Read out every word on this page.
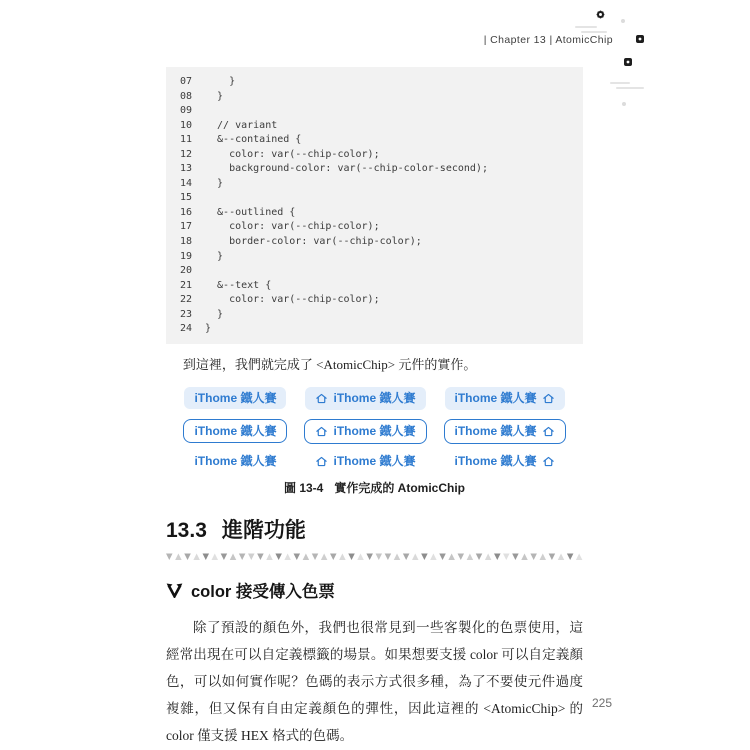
| Chapter 13 | AtomicChip
07    }
08  }
09
10  // variant
11  &--contained {
12    color: var(--chip-color);
13    background-color: var(--chip-color-second);
14  }
15
16  &--outlined {
17    color: var(--chip-color);
18    border-color: var(--chip-color);
19  }
20
21  &--text {
22    color: var(--chip-color);
23  }
24 }

到這裡，我們就完成了 <AtomicChip> 元件的實作。

iThome 鐵人賽	iThome 鐵人賽	iThome 鐵人賽
iThome 鐵人賽	iThome 鐵人賽	iThome 鐵人賽
iThome 鐵人賽	iThome 鐵人賽	iThome 鐵人賽
圖 13-4 實作完成的 AtomicChip
13.3 進階功能
▼ ▲ ▼ ▲ ▼ ▲ ▼ ▲ ▼ ▼ ▼ ▲ ▼ ▲ ▼ ▲ ▼ ▲ ▼ ▲ ▼ ▲ ▼ ▼ ▼ ▲ ▼ ▲ ▼ ▲ ▼ ▲ ▼ ▲ ▼ ▲ ▼ ▼ ▼ ▲ ▼ ▲ ▼ ▲ ▼ ▲
color 接受傳入色票

除了預設的顏色外，我們也很常見到一些客製化的色票使用，這經常出現在可以自定義標籤的場景。如果想要支援 color 可以自定義顏色，可以如何實作呢？色碼的表示方式很多種，為了不要使元件過度複雜，但又保有自由定義顏色的彈性，因此這裡的 <AtomicChip> 的 color 僅支援 HEX 格式的色碼。

225
